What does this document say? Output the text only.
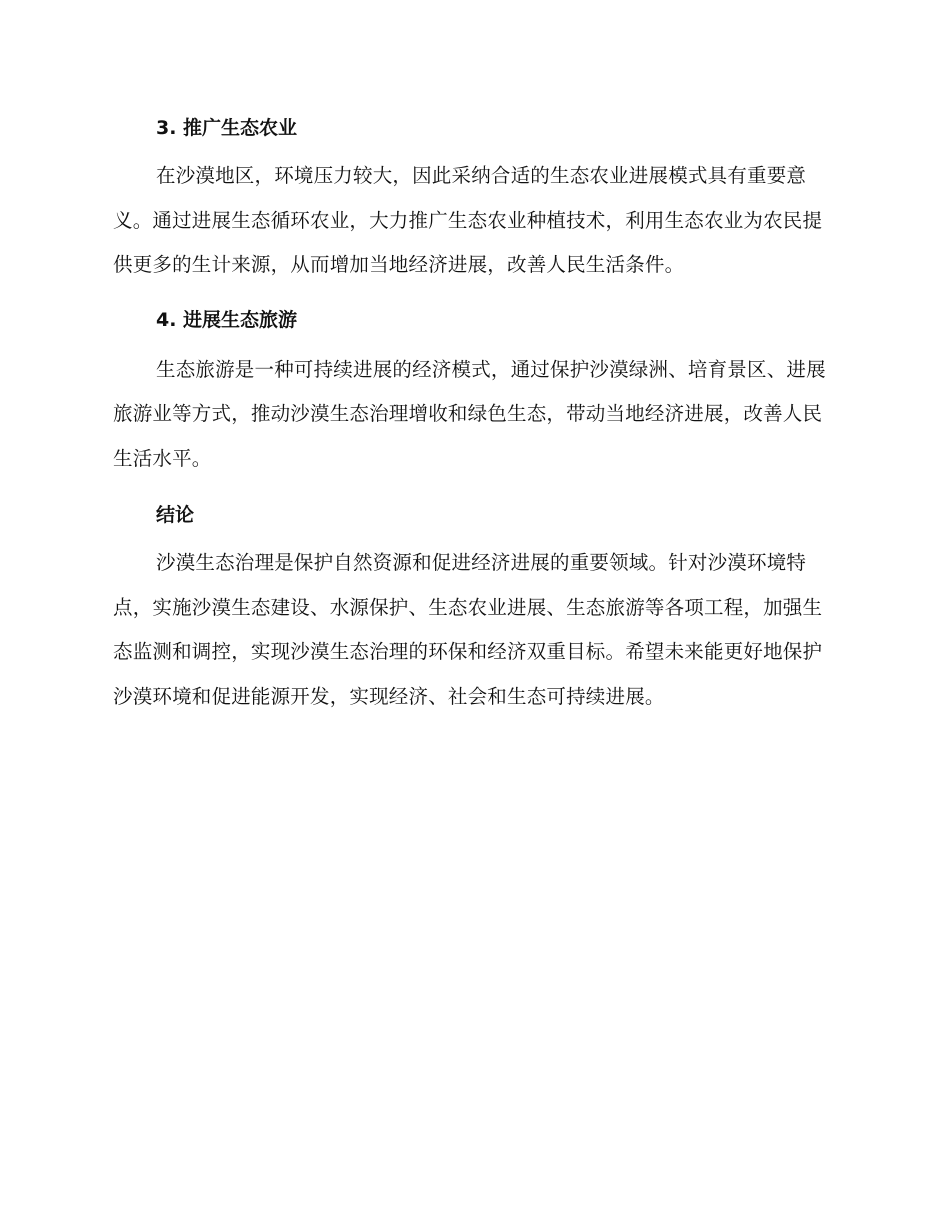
3. 推广生态农业

在沙漠地区，环境压力较大，因此采纳合适的生态农业进展模式具有重要意义。通过进展生态循环农业，大力推广生态农业种植技术，利用生态农业为农民提供更多的生计来源，从而增加当地经济进展，改善人民生活条件。

4. 进展生态旅游

生态旅游是一种可持续进展的经济模式，通过保护沙漠绿洲、培育景区、进展旅游业等方式，推动沙漠生态治理增收和绿色生态，带动当地经济进展，改善人民生活水平。

结论

沙漠生态治理是保护自然资源和促进经济进展的重要领域。针对沙漠环境特点，实施沙漠生态建设、水源保护、生态农业进展、生态旅游等各项工程，加强生态监测和调控，实现沙漠生态治理的环保和经济双重目标。希望未来能更好地保护沙漠环境和促进能源开发，实现经济、社会和生态可持续进展。
